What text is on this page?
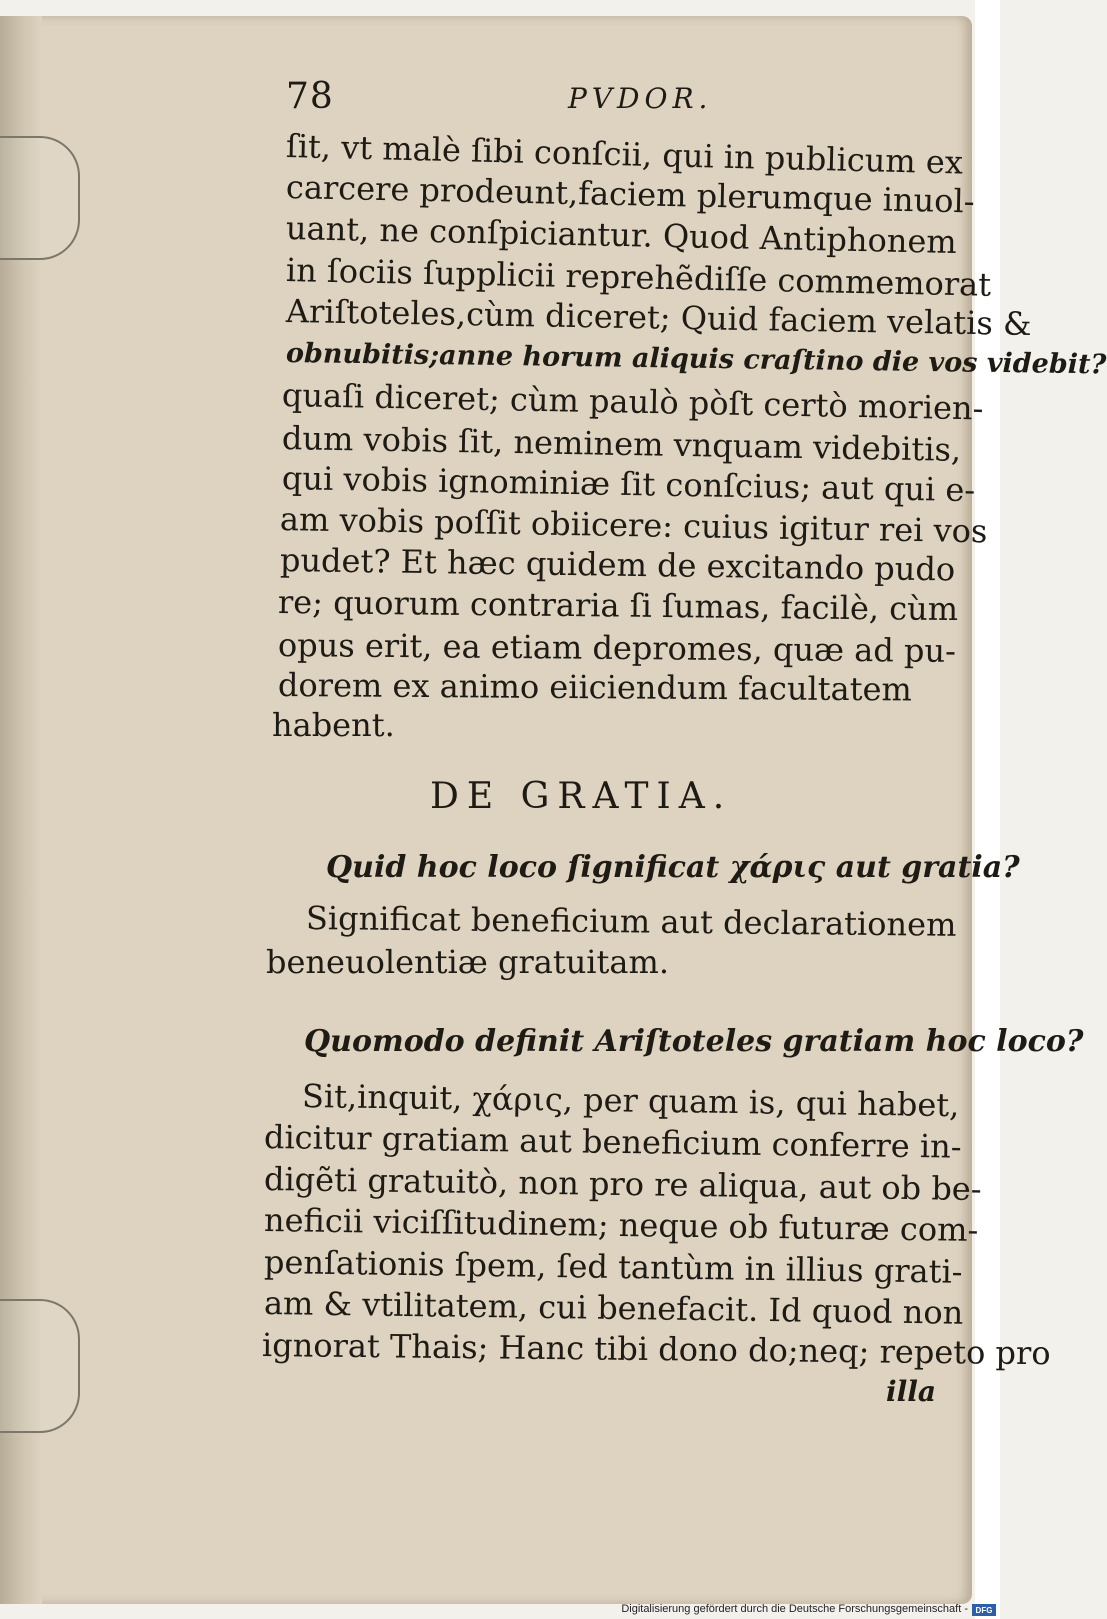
78	PVDOR.
ſit, vt malè ſibi conſcii, qui in publicum ex
carcere prodeunt,faciem plerumque inuol-
uant, ne conſpiciantur. Quod Antiphonem
in ſociis ſupplicii reprehẽdiſſe commemorat
Ariſtoteles,cùm diceret; Quid faciem velatis &
obnubitis;anne horum aliquis craſtino die vos videbit?
quaſi diceret; cùm paulò pòſt certò morien-
dum vobis ſit, neminem vnquam videbitis,
qui vobis ignominiæ ſit conſcius; aut qui e-
am vobis poſſit obiicere: cuius igitur rei vos
pudet? Et hæc quidem de excitando pudo
re; quorum contraria ſi ſumas, facilè, cùm
opus erit, ea etiam depromes, quæ ad pu-
dorem ex animo eiiciendum facultatem
habent.
DE GRATIA.
Quid hoc loco ſignificat χάρις aut gratia?
Significat beneficium aut declarationem
beneuolentiæ gratuitam.
Quomodo definit Ariſtoteles gratiam hoc loco?
Sit,inquit, χάρις, per quam is, qui habet,
dicitur gratiam aut beneficium conferre in-
digẽti gratuitò, non pro re aliqua, aut ob be-
neficii viciſſitudinem; neque ob futuræ com-
penſationis ſpem, ſed tantùm in illius grati-
am & vtilitatem, cui benefacit. Id quod non
ignorat Thais; Hanc tibi dono do;neq; repeto pro
illa
Digitalisierung gefördert durch die Deutsche Forschungsgemeinschaft - DFG
